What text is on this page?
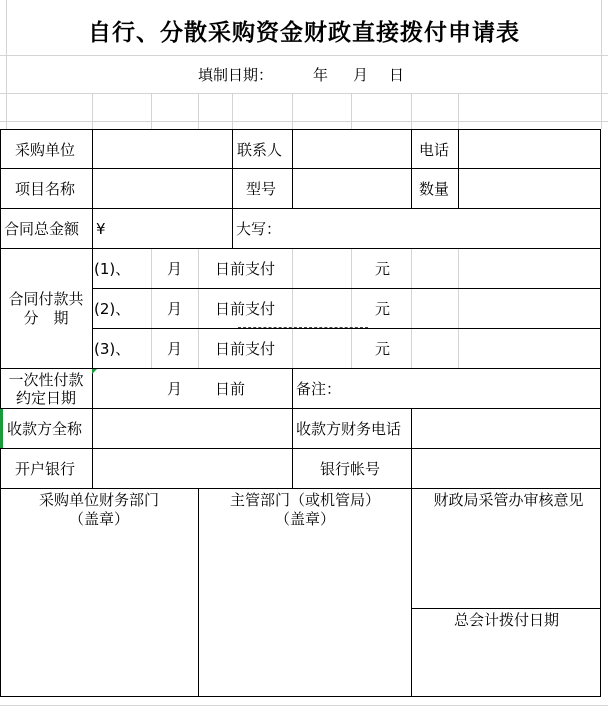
自行、分散采购资金财政直接拨付申请表
填制日期：	年 月 日
采购单位	联系人	电话
项目名称	型号	数量
合同总金额 ¥	大写：
合同付款共
分　期
(1)、 月 日前支付	元
(2)、 月 日前支付	元
(3)、 月 日前支付	元
一次性付款
约定日期	月 日前	备注：
收款方全称	收款方财务电话
开户银行	银行帐号
采购单位财务部门
（盖章）
主管部门（或机管局）
（盖章）
财政局采管办审核意见
总会计拨付日期
